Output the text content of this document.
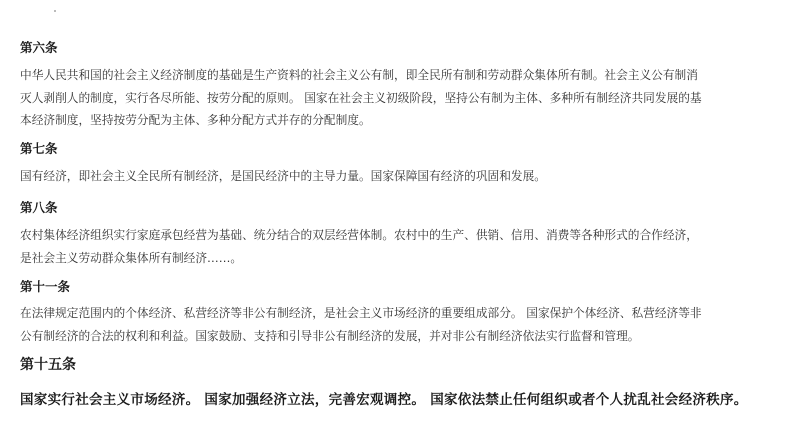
第六条
中华人民共和国的社会主义经济制度的基础是生产资料的社会主义公有制，即全民所有制和劳动群众集体所有制。社会主义公有制消
灭人剥削人的制度，实行各尽所能、按劳分配的原则。 国家在社会主义初级阶段，坚持公有制为主体、多种所有制经济共同发展的基
本经济制度，坚持按劳分配为主体、多种分配方式并存的分配制度。
第七条
国有经济，即社会主义全民所有制经济，是国民经济中的主导力量。国家保障国有经济的巩固和发展。
第八条
农村集体经济组织实行家庭承包经营为基础、统分结合的双层经营体制。农村中的生产、供销、信用、消费等各种形式的合作经济，
是社会主义劳动群众集体所有制经济……。
第十一条
在法律规定范围内的个体经济、私营经济等非公有制经济，是社会主义市场经济的重要组成部分。 国家保护个体经济、私营经济等非
公有制经济的合法的权利和利益。国家鼓励、支持和引导非公有制经济的发展，并对非公有制经济依法实行监督和管理。
第十五条
国家实行社会主义市场经济。 国家加强经济立法，完善宏观调控。 国家依法禁止任何组织或者个人扰乱社会经济秩序。
